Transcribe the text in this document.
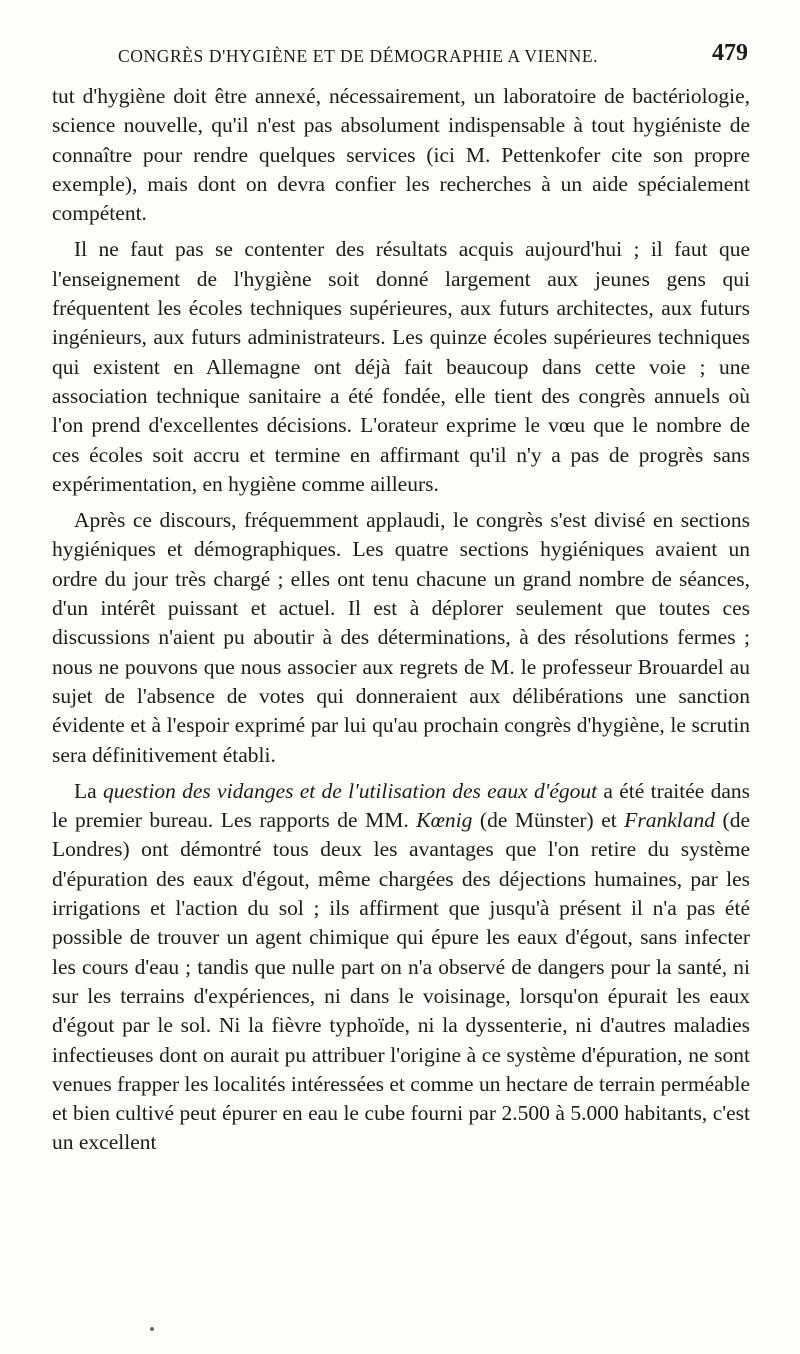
CONGRÈS D'HYGIÈNE ET DE DÉMOGRAPHIE A VIENNE.	479

tut d'hygiène doit être annexé, nécessairement, un laboratoire de bactériologie, science nouvelle, qu'il n'est pas absolument indispensable à tout hygiéniste de connaître pour rendre quelques services (ici M. Pettenkofer cite son propre exemple), mais dont on devra confier les recherches à un aide spécialement compétent.

Il ne faut pas se contenter des résultats acquis aujourd'hui ; il faut que l'enseignement de l'hygiène soit donné largement aux jeunes gens qui fréquentent les écoles techniques supérieures, aux futurs architectes, aux futurs ingénieurs, aux futurs administrateurs. Les quinze écoles supérieures techniques qui existent en Allemagne ont déjà fait beaucoup dans cette voie ; une association technique sanitaire a été fondée, elle tient des congrès annuels où l'on prend d'excellentes décisions. L'orateur exprime le vœu que le nombre de ces écoles soit accru et termine en affirmant qu'il n'y a pas de progrès sans expérimentation, en hygiène comme ailleurs.

Après ce discours, fréquemment applaudi, le congrès s'est divisé en sections hygiéniques et démographiques. Les quatre sections hygiéniques avaient un ordre du jour très chargé ; elles ont tenu chacune un grand nombre de séances, d'un intérêt puissant et actuel. Il est à déplorer seulement que toutes ces discussions n'aient pu aboutir à des déterminations, à des résolutions fermes ; nous ne pouvons que nous associer aux regrets de M. le professeur Brouardel au sujet de l'absence de votes qui donneraient aux délibérations une sanction évidente et à l'espoir exprimé par lui qu'au prochain congrès d'hygiène, le scrutin sera définitivement établi.

La question des vidanges et de l'utilisation des eaux d'égout a été traitée dans le premier bureau. Les rapports de MM. Kœnig (de Münster) et Frankland (de Londres) ont démontré tous deux les avantages que l'on retire du système d'épuration des eaux d'égout, même chargées des déjections humaines, par les irrigations et l'action du sol ; ils affirment que jusqu'à présent il n'a pas été possible de trouver un agent chimique qui épure les eaux d'égout, sans infecter les cours d'eau ; tandis que nulle part on n'a observé de dangers pour la santé, ni sur les terrains d'expériences, ni dans le voisinage, lorsqu'on épurait les eaux d'égout par le sol. Ni la fièvre typhoïde, ni la dyssenterie, ni d'autres maladies infectieuses dont on aurait pu attribuer l'origine à ce système d'épuration, ne sont venues frapper les localités intéressées et comme un hectare de terrain perméable et bien cultivé peut épurer en eau le cube fourni par 2.500 à 5.000 habitants, c'est un excellent
